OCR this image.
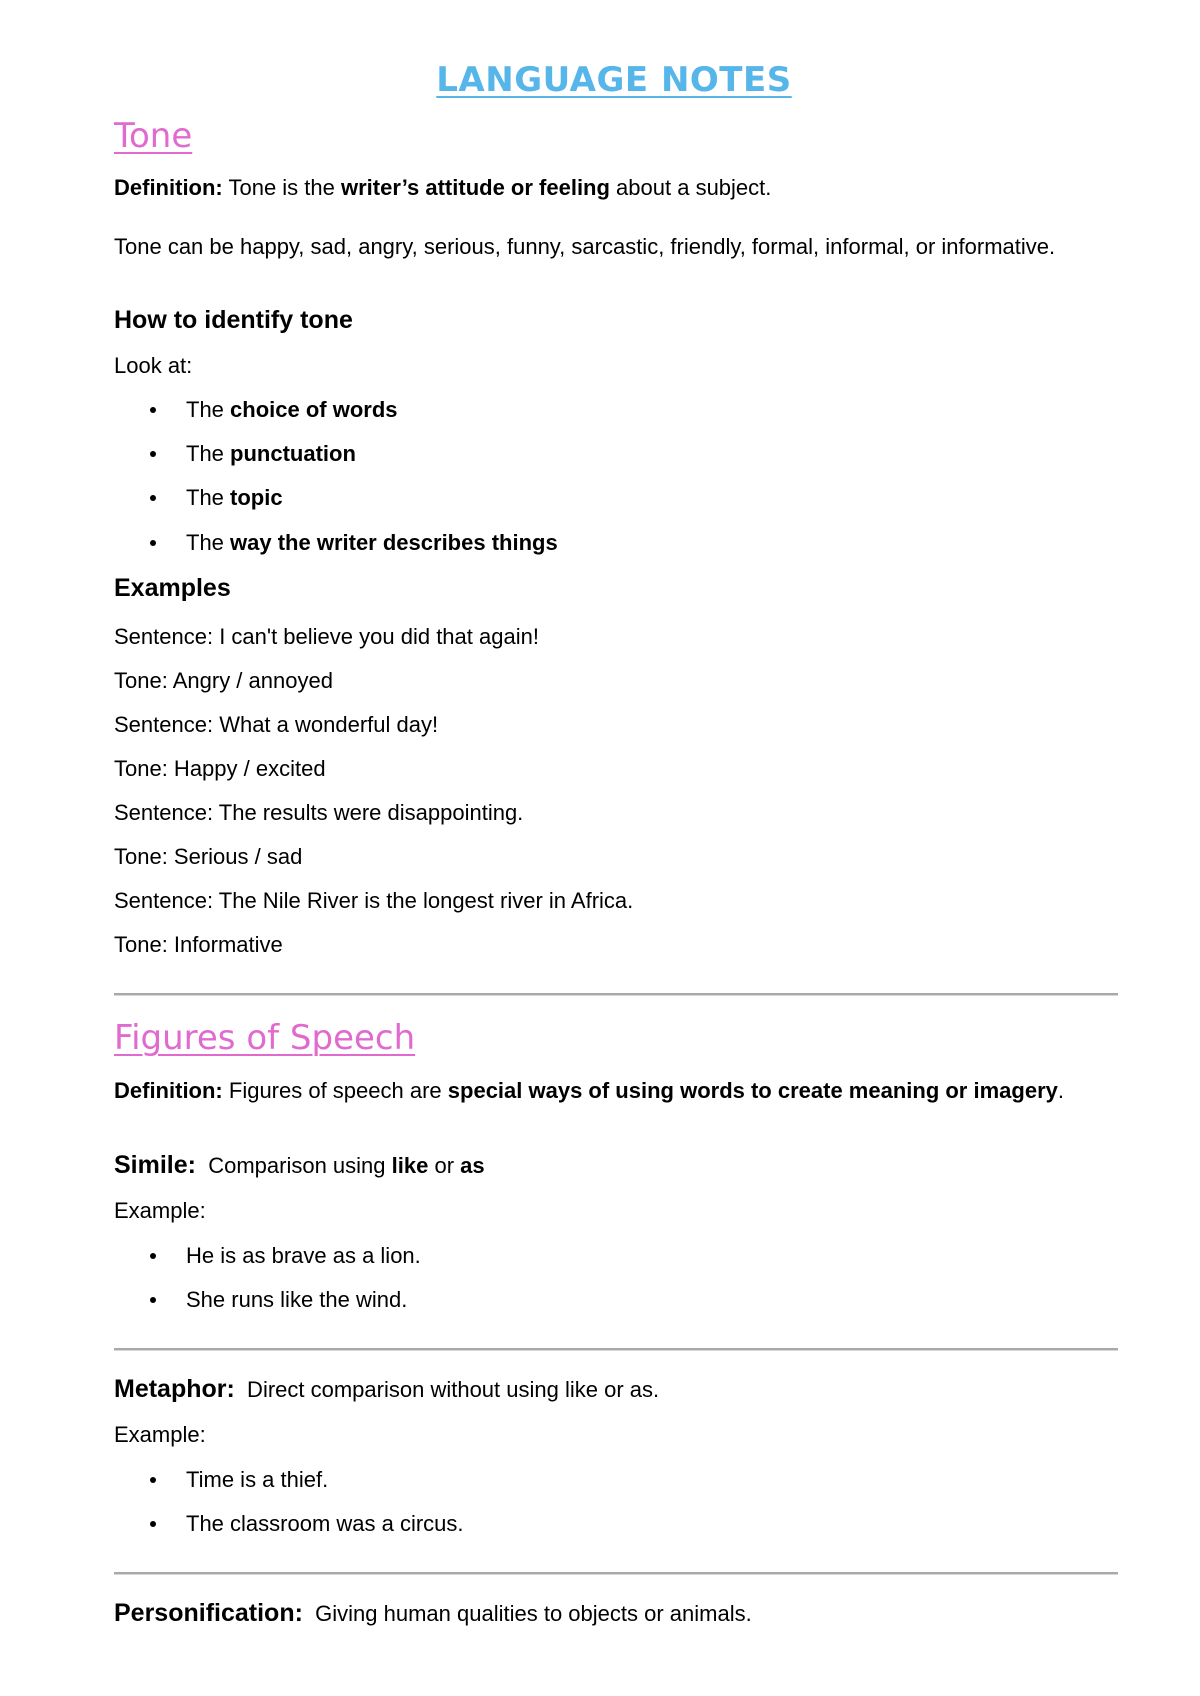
LANGUAGE NOTES
Tone

Definition: Tone is the writer’s attitude or feeling about a subject.

Tone can be happy, sad, angry, serious, funny, sarcastic, friendly, formal, informal, or informative.

How to identify tone

Look at:

The choice of words
The punctuation
The topic
The way the writer describes things
Examples

Sentence: I can't believe you did that again!

Tone: Angry / annoyed

Sentence: What a wonderful day!

Tone: Happy / excited

Sentence: The results were disappointing.

Tone: Serious / sad

Sentence: The Nile River is the longest river in Africa.

Tone: Informative

Figures of Speech

Definition: Figures of speech are special ways of using words to create meaning or imagery.

Simile:  Comparison using like or as

Example:

He is as brave as a lion.
She runs like the wind.

Metaphor:  Direct comparison without using like or as.

Example:

Time is a thief.
The classroom was a circus.

Personification:  Giving human qualities to objects or animals.
